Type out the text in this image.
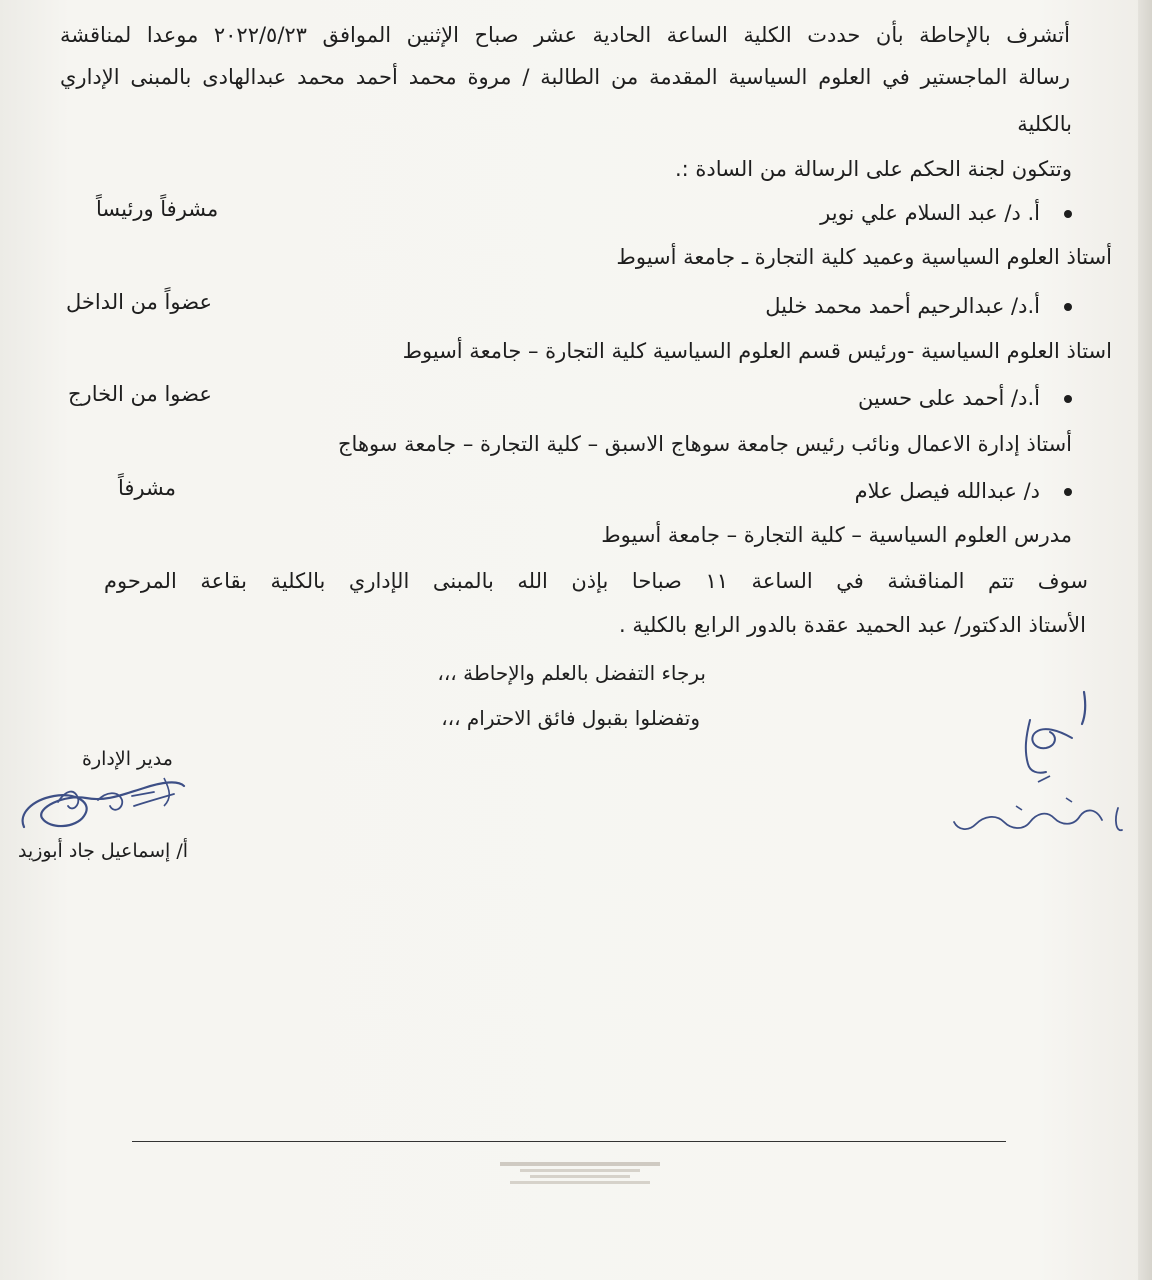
أتشرف بالإحاطة بأن حددت الكلية الساعة الحادية عشر صباح الإثنين الموافق ٢٠٢٢/٥/٢٣ موعدا لمناقشة
رسالة الماجستير في العلوم السياسية المقدمة من الطالبة / مروة محمد أحمد محمد عبدالهادى بالمبنى الإداري
بالكلية
وتتكون لجنة الحكم على الرسالة من السادة :.
أ. د/ عبد السلام علي نوير
مشرفاً ورئيساً
أستاذ العلوم السياسية وعميد كلية التجارة ـ جامعة أسيوط
أ.د/ عبدالرحيم أحمد محمد خليل
عضواً من الداخل
استاذ العلوم السياسية -ورئيس قسم العلوم السياسية كلية التجارة – جامعة أسيوط
أ.د/ أحمد على حسين
عضوا من الخارج
أستاذ إدارة الاعمال ونائب رئيس جامعة سوهاج الاسبق – كلية التجارة – جامعة سوهاج
د/ عبدالله فيصل علام
مشرفاً
مدرس العلوم السياسية – كلية التجارة – جامعة أسيوط
سوف تتم المناقشة في الساعة ١١ صباحا بإذن الله بالمبنى الإداري بالكلية بقاعة المرحوم
الأستاذ الدكتور/ عبد الحميد عقدة بالدور الرابع بالكلية .
برجاء التفضل بالعلم والإحاطة ،،،
وتفضلوا بقبول فائق الاحترام ،،،
مدير الإدارة
أ/ إسماعيل جاد أبوزيد
